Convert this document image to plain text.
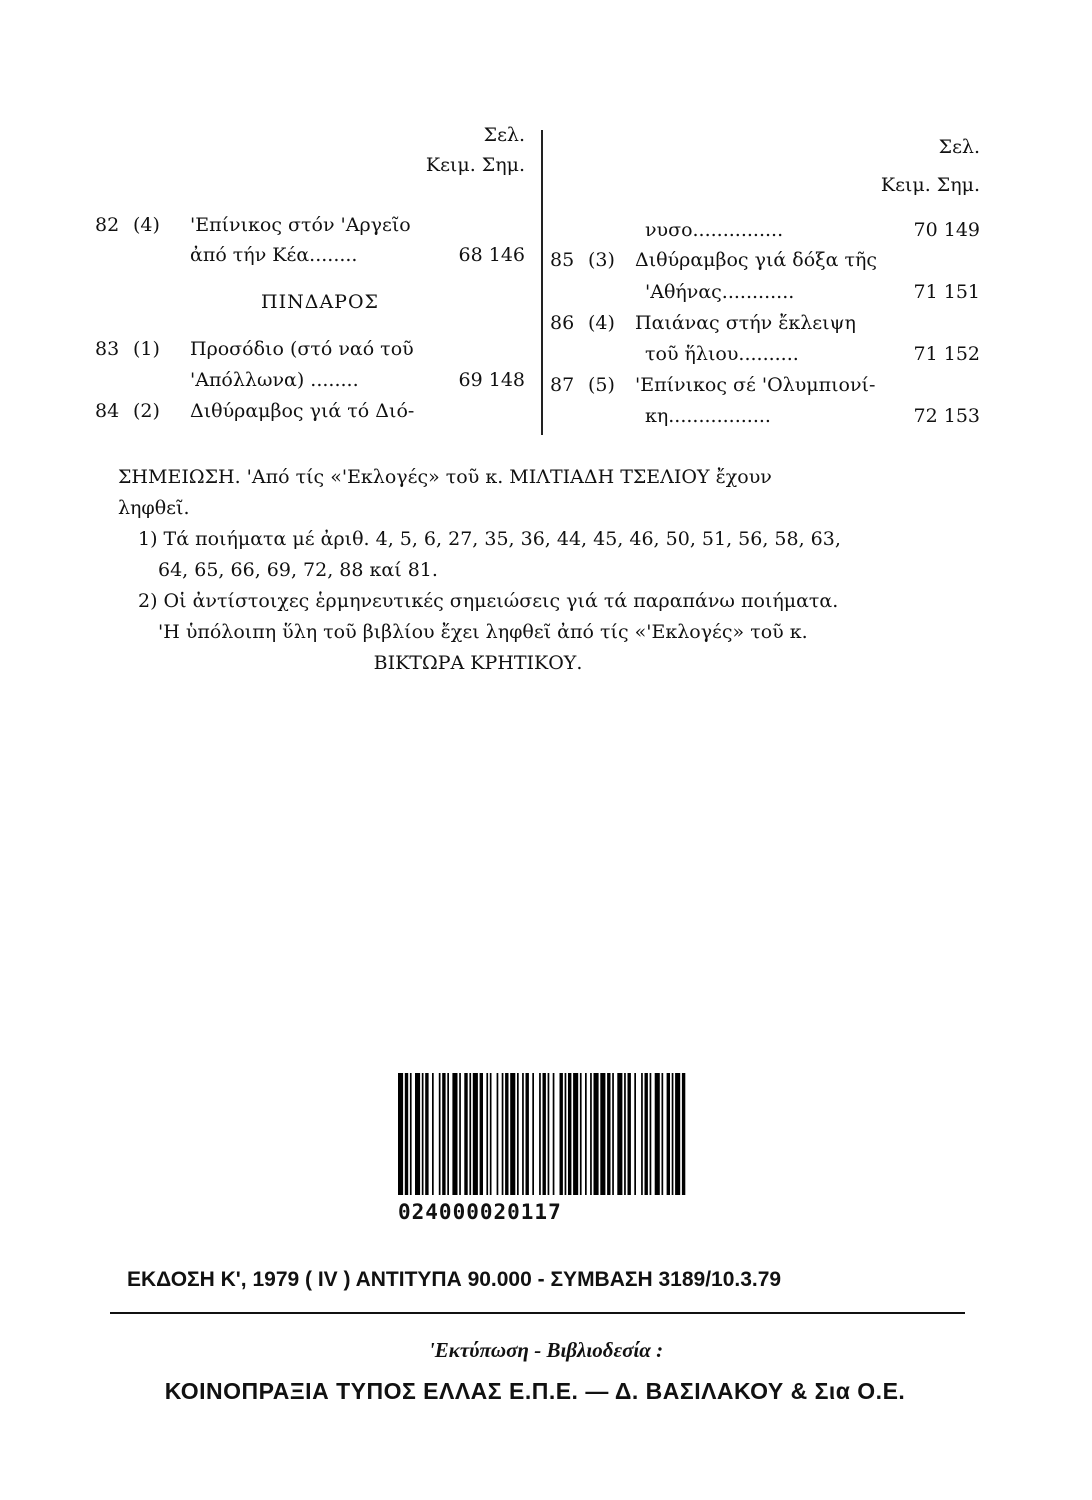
Σελ.
Κειμ. Σημ.
82 (4)	'Επίνικος στόν 'Αργεῖο
ἀπό τήν Κέα........	68 146
ΠΙΝΔΑΡΟΣ
83 (1)	Προσόδιο (στό ναό τοῦ
'Απόλλωνα) ........	69 148
84 (2)	Διθύραμβος γιά τό Διό-
Σελ.
Κειμ. Σημ.
νυσο...............	70 149
85 (3)	Διθύραμβος γιά δόξα τῆς
'Αθήνας............	71 151
86 (4)	Παιάνας στήν ἔκλειψη
τοῦ ἥλιου..........	71 152
87 (5)	'Επίνικος σέ 'Ολυμπιονί-
κη.................	72 153

ΣΗΜΕΙΩΣΗ. 'Από τίς «'Εκλογές» τοῦ κ. ΜΙΛΤΙΑΔΗ ΤΣΕΛΙΟΥ ἔχουν

ληφθεῖ.

1) Τά ποιήματα μέ ἀριθ. 4, 5, 6, 27, 35, 36, 44, 45, 46, 50, 51, 56, 58, 63,

64, 65, 66, 69, 72, 88 καί 81.

2) Οἱ ἀντίστοιχες ἑρμηνευτικές σημειώσεις γιά τά παραπάνω ποιήματα.

'Η ὑπόλοιπη ὕλη τοῦ βιβλίου ἔχει ληφθεῖ ἀπό τίς «'Εκλογές» τοῦ κ.

ΒΙΚΤΩΡΑ ΚΡΗΤΙΚΟΥ.

024000020117
ΕΚΔΟΣΗ Κ', 1979 ( IV ) ΑΝΤΙΤΥΠΑ 90.000 - ΣΥΜΒΑΣΗ 3189/10.3.79
'Εκτύπωση - Βιβλιοδεσία :
ΚΟΙΝΟΠΡΑΞΙΑ ΤΥΠΟΣ ΕΛΛΑΣ Ε.Π.Ε. — Δ. ΒΑΣΙΛΑΚΟΥ & Σια Ο.Ε.
